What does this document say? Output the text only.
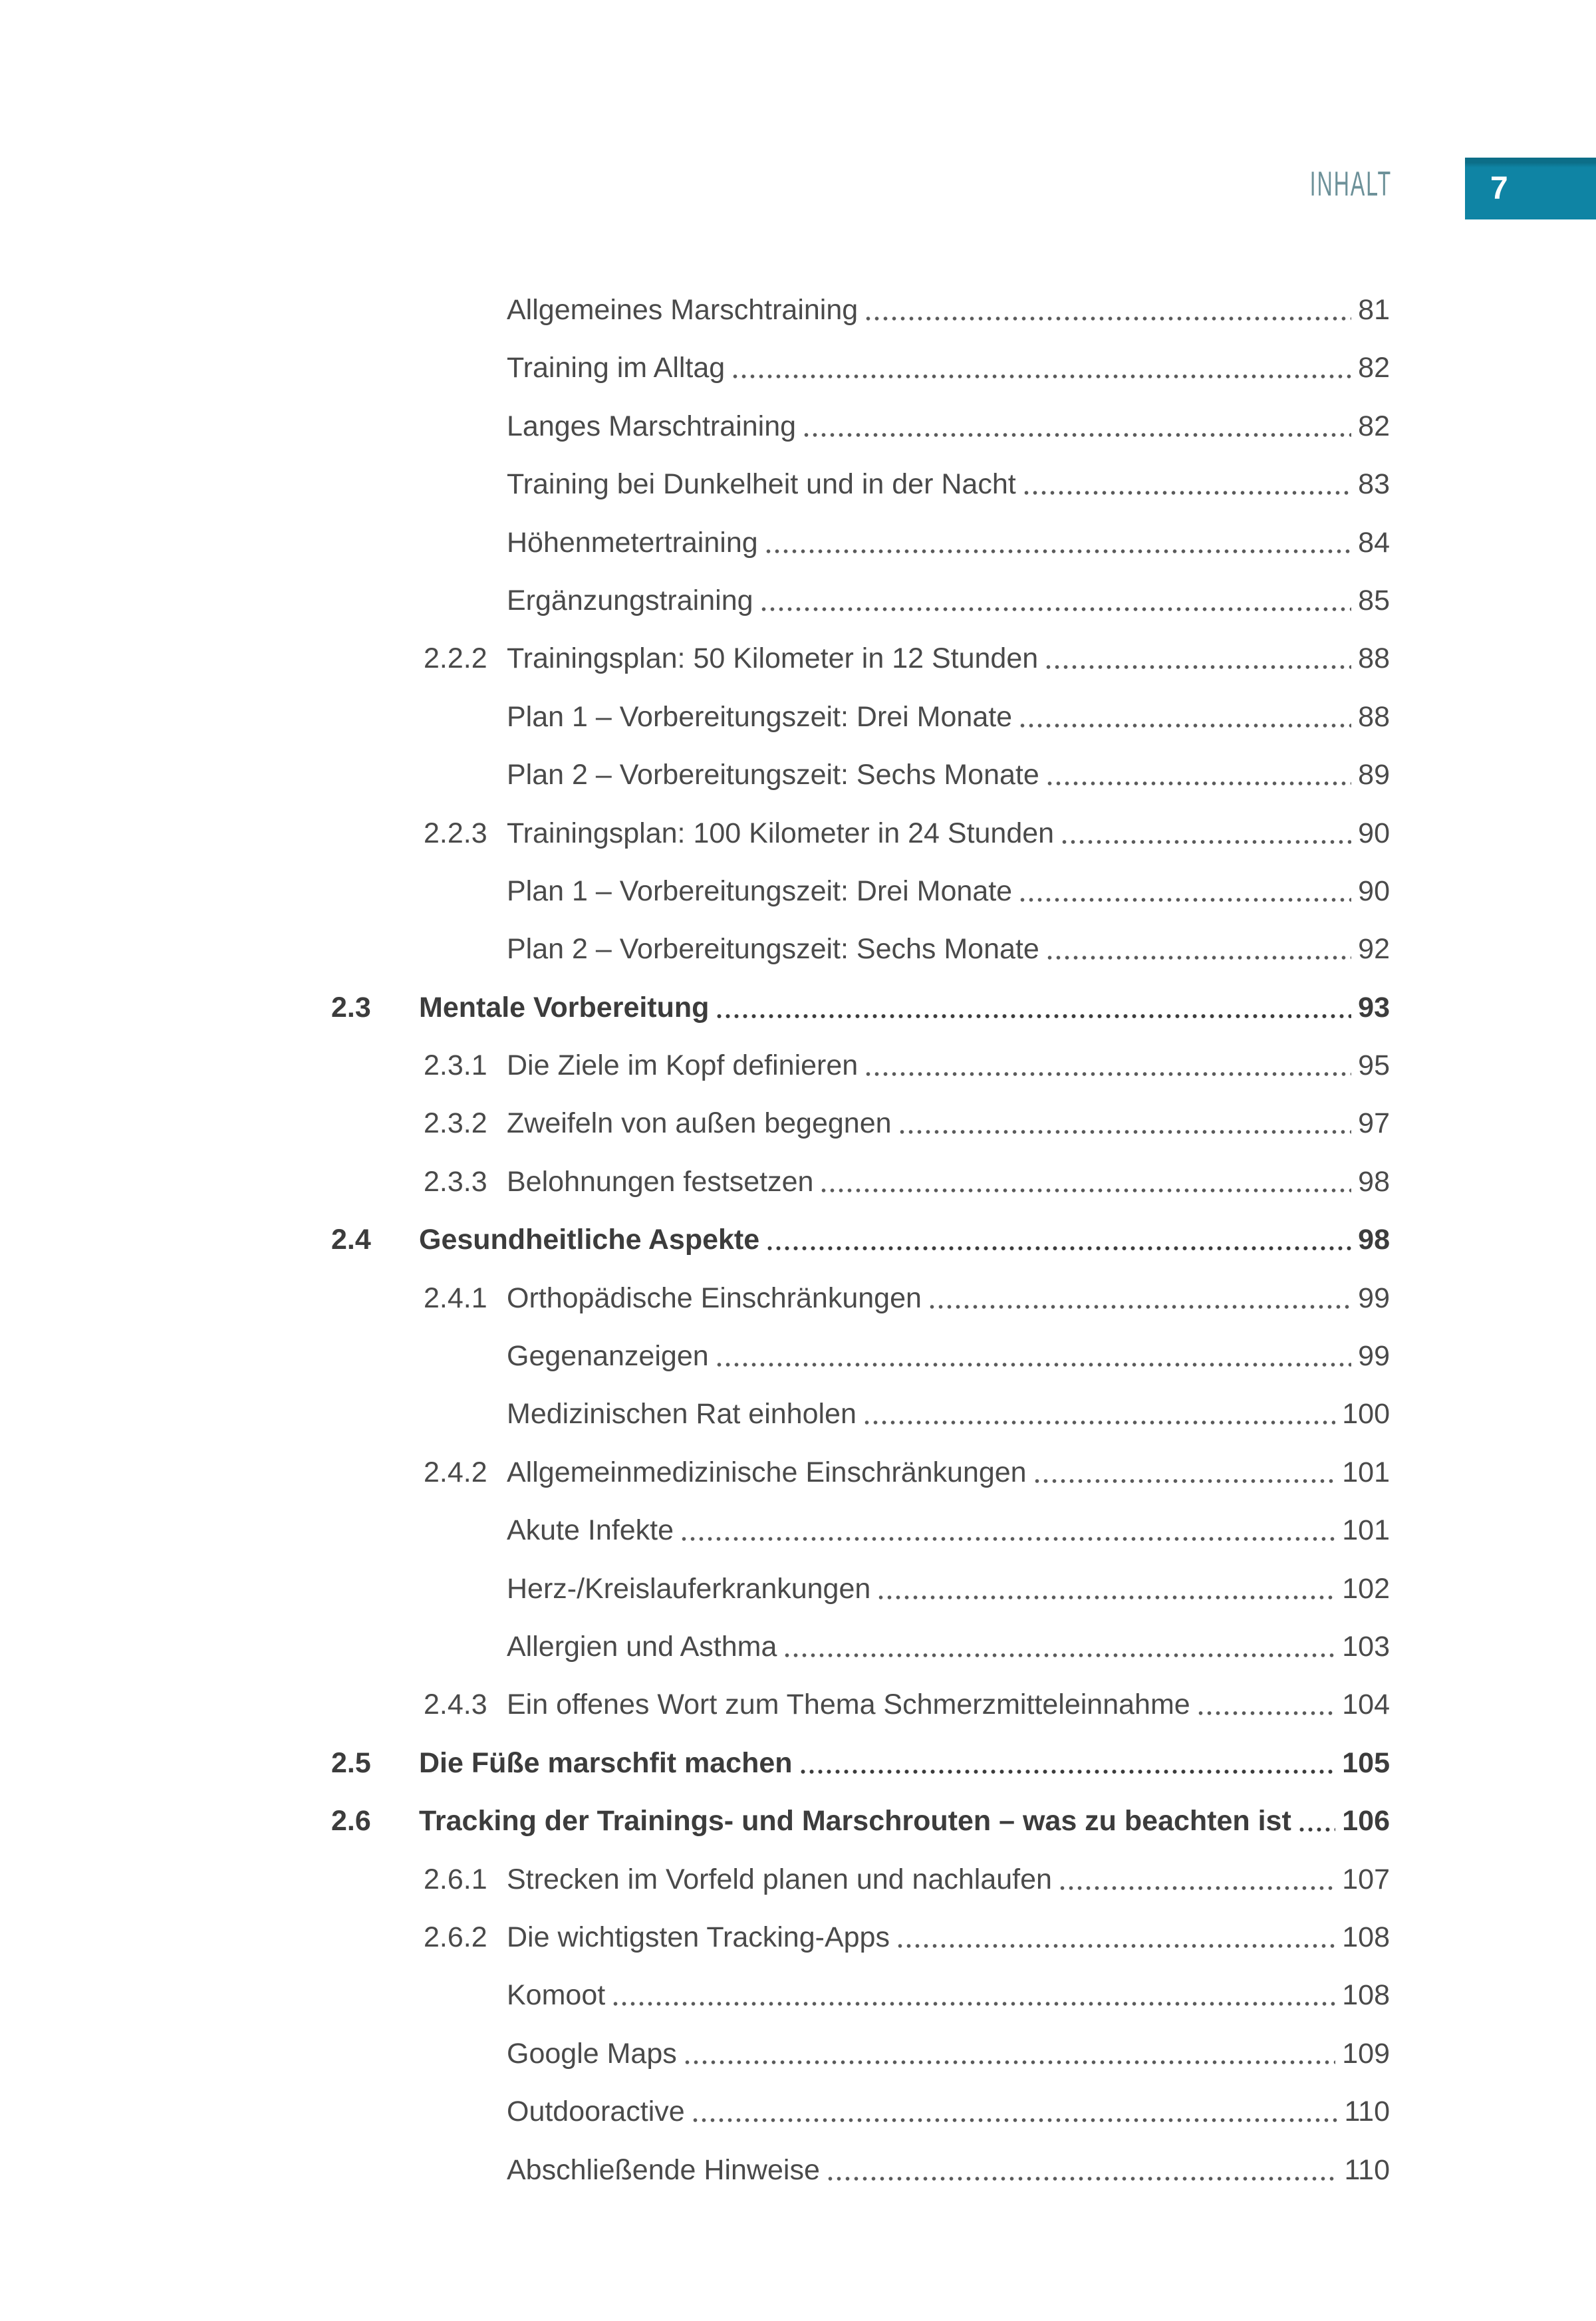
INHALT	7
Allgemeines Marschtraining	81
Training im Alltag	82
Langes Marschtraining	82
Training bei Dunkelheit und in der Nacht	83
Höhenmetertraining	84
Ergänzungstraining	85
2.2.2 Trainingsplan: 50 Kilometer in 12 Stunden	88
Plan 1 – Vorbereitungszeit: Drei Monate	88
Plan 2 – Vorbereitungszeit: Sechs Monate	89
2.2.3 Trainingsplan: 100 Kilometer in 24 Stunden	90
Plan 1 – Vorbereitungszeit: Drei Monate	90
Plan 2 – Vorbereitungszeit: Sechs Monate	92
2.3	Mentale Vorbereitung	93
2.3.1 Die Ziele im Kopf definieren	95
2.3.2 Zweifeln von außen begegnen	97
2.3.3 Belohnungen festsetzen	98
2.4	Gesundheitliche Aspekte	98
2.4.1 Orthopädische Einschränkungen	99
Gegenanzeigen	99
Medizinischen Rat einholen	100
2.4.2 Allgemeinmedizinische Einschränkungen	101
Akute Infekte	101
Herz-/Kreislauferkrankungen	102
Allergien und Asthma	103
2.4.3 Ein offenes Wort zum Thema Schmerzmitteleinnahme	104
2.5	Die Füße marschfit machen	105
2.6	Tracking der Trainings- und Marschrouten – was zu beachten ist 106
2.6.1 Strecken im Vorfeld planen und nachlaufen	107
2.6.2 Die wichtigsten Tracking-Apps	108
Komoot	108
Google Maps	109
Outdooractive	110
Abschließende Hinweise	110
